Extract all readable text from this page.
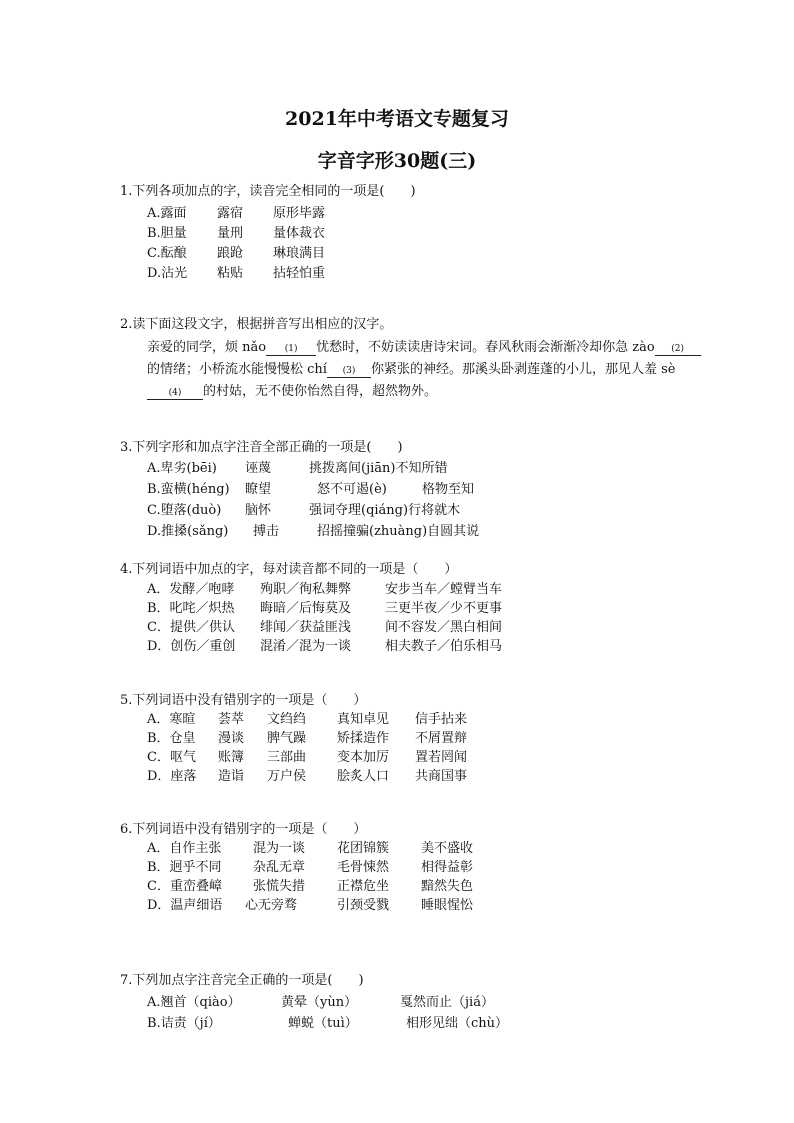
2021年中考语文专题复习
字音字形30题(三)
1.下列各项加点的字，读音完全相同的一项是(　　)
A.露面 露宿 原形毕露
B.胆量 量刑 量体裁衣
C.酝酿 踉跄 琳琅满目
D.沾光 粘贴 拈轻怕重
2.读下面这段文字，根据拼音写出相应的汉字。
亲爱的同学，烦 nǎo (1) 忧愁时，不妨读读唐诗宋词。春风秋雨会渐渐冷却你急 zào (2)的情绪；小桥流水能慢慢松 chí (3) 你紧张的神经。那溪头卧剥莲蓬的小儿，那见人羞 sè(4) 的村姑，无不使你怡然自得，超然物外。
3.下列字形和加点字注音全部正确的一项是(　　)
A.卑劣(bēi) 诬蔑	挑拨离间(jiān)不知所错
B.蛮横(héng) 瞭望	怒不可遏(è)	格物至知
C.堕落(duò) 脑怀	强词夺理(qiáng)行将就木
D.推搡(sǎng) 搏击	招摇撞骗(zhuàng)自圆其说
4.下列词语中加点的字，每对读音都不同的一项是（　　）
A．发酵／咆哮 殉职／徇私舞弊	安步当车／螳臂当车
B．叱咤／炽热 晦暗／后悔莫及	三更半夜／少不更事
C．提供／供认 绯闻／获益匪浅	间不容发／黑白相间
D．创伤／重创 混淆／混为一谈	相夫教子／伯乐相马
5.下列词语中没有错别字的一项是（　　）
A．寒暄 荟萃 文绉绉 真知卓见 信手拈来
B．仓皇 漫谈 脾气躁 矫揉造作 不屑置辩
C．呕气 账簿 三部曲 变本加厉 置若罔闻
D．座落 造诣 万户侯 脍炙人口 共商国事
6.下列词语中没有错别字的一项是（　　）
A．自作主张 混为一谈 花团锦簇 美不盛收
B．迥乎不同 杂乱无章 毛骨悚然 相得益彰
C．重峦叠嶂 张慌失措 正襟危坐 黯然失色
D．温声细语 心无旁骛	引颈受戮 睡眼惺忪
7.下列加点字注音完全正确的一项是(　　)
A.翘首（qiào）	黄晕（yùn）	戛然而止（jiá）
B.诘责（jí）	蝉蜕（tuì）	相形见绌（chù）
